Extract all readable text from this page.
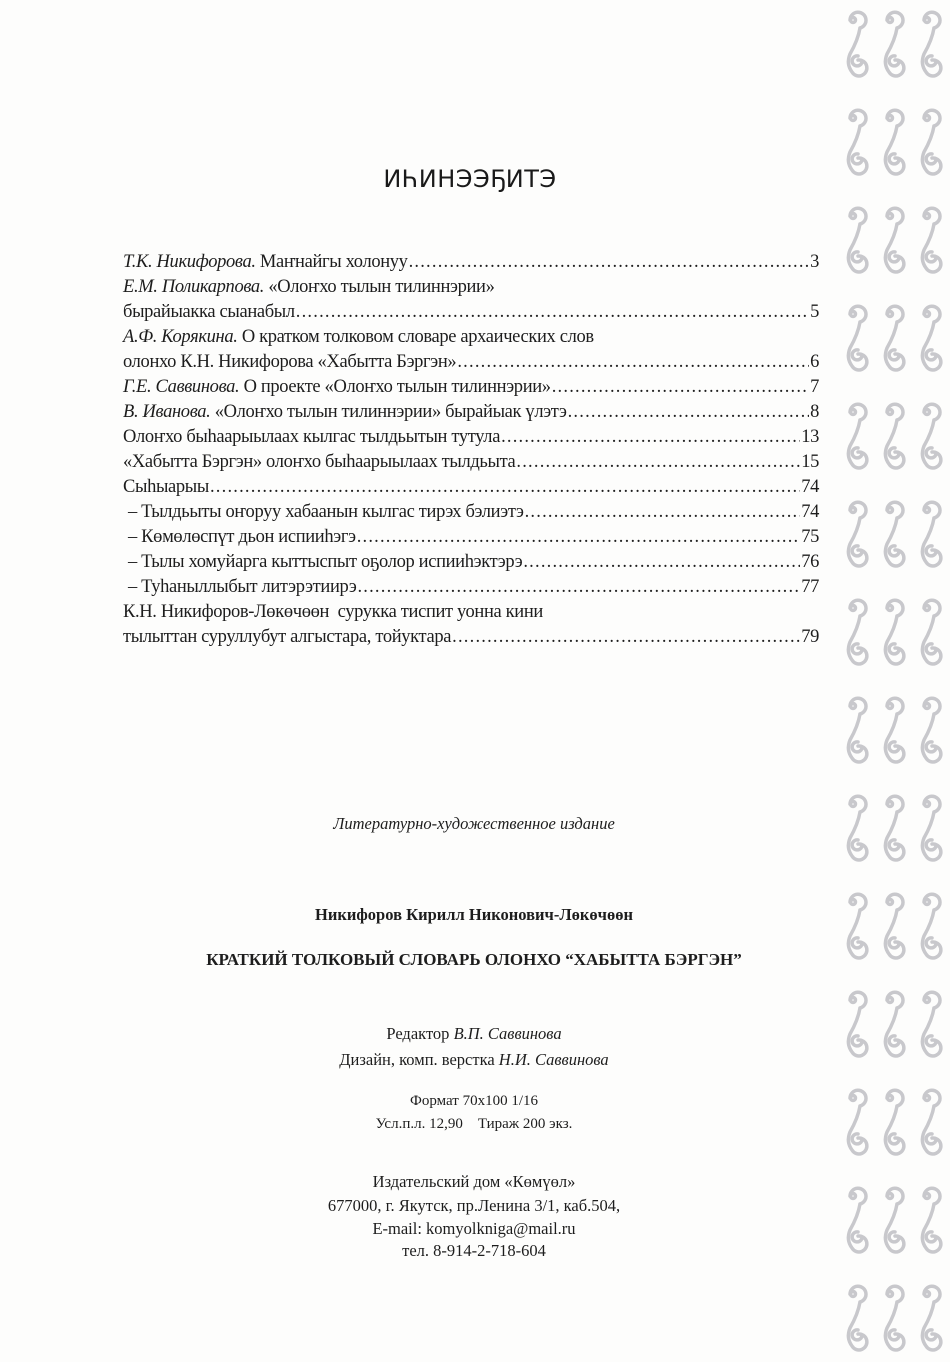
ИҺИНЭЭҔИТЭ
Т.К. Никифорова. Маҥнайгы холонуу .....	3
Е.М. Поликарпова. «Олоҥхо тылын тилиннэрии»
бырайыакка сыанабыл .....	5
А.Ф. Корякина. О кратком толковом словаре архаических слов
олонхо К.Н. Никифорова «Хабытта Бэргэн» .....	6
Г.Е. Саввинова. О проекте «Олоҥхо тылын тилиннэрии» .....	7
В. Иванова. «Олоҥхо тылын тилиннэрии» бырайыак үлэтэ .....	8
Олоҥхо быһаарыылаах кылгас тылдьытын тутула .....	13
«Хабытта Бэргэн» олоҥхо быһаарыылаах тылдьыта .....	15
Сыһыарыы .....	74
– Тылдьыты оҥоруу хабаанын кылгас тирэх бэлиэтэ .....	74
– Көмөлөспүт дьон испииһэгэ .....	75
– Тылы хомуйарга кыттыспыт оҕолор испииһэктэрэ .....	76
– Туһаныллыбыт литэрэтиирэ .....	77
К.Н. Никифоров-Лөкөчөөн  сурукка тиспит уонна кини
тылыттан суруллубут алгыстара, тойуктара .....	79
Литературно-художественное издание
Никифоров Кирилл Никонович-Лөкөчөөн
КРАТКИЙ ТОЛКОВЫЙ СЛОВАРЬ ОЛОНХО “ХАБЫТТА БЭРГЭН”
Редактор В.П. Саввинова
Дизайн, комп. верстка Н.И. Саввинова
Формат 70х100 1/16
Усл.п.л. 12,90    Тираж 200 экз.
Издательский дом «Көмүөл»
677000, г. Якутск, пр.Ленина 3/1, каб.504,
E-mail: komyolkniga@mail.ru
тел. 8-914-2-718-604
